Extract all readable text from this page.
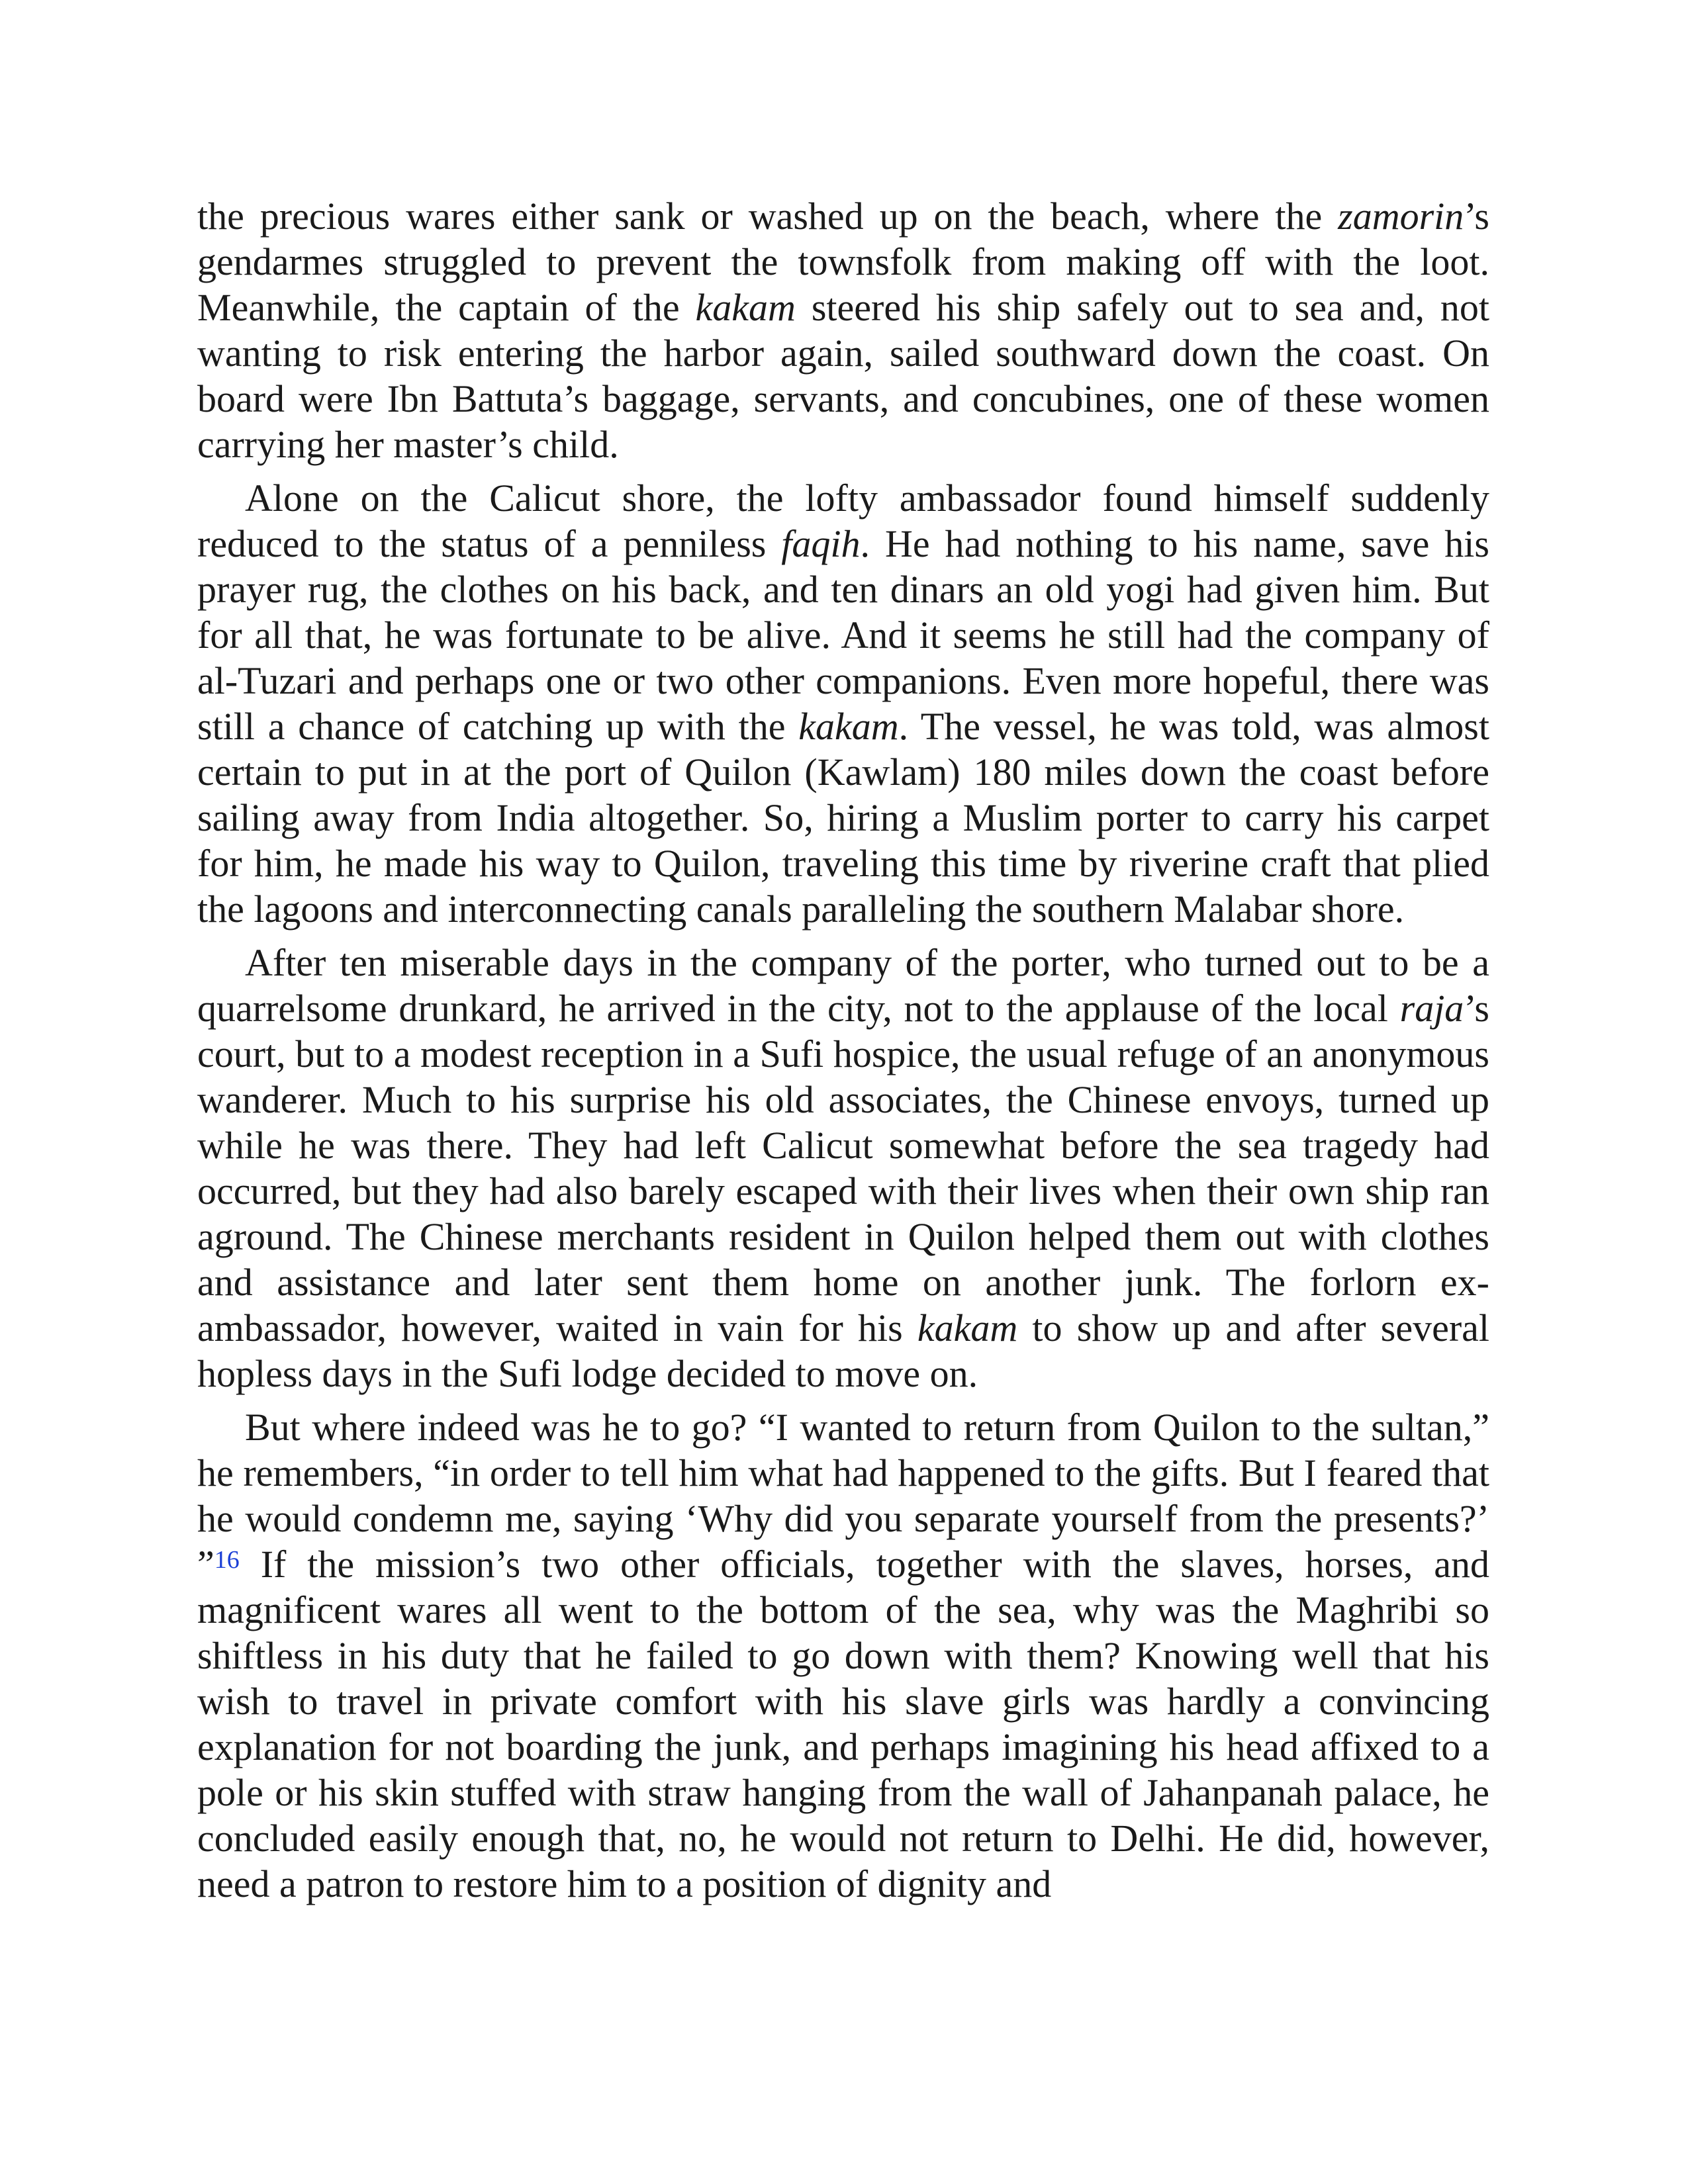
the precious wares either sank or washed up on the beach, where the zamorin’s gendarmes struggled to prevent the townsfolk from making off with the loot. Meanwhile, the captain of the kakam steered his ship safely out to sea and, not wanting to risk entering the harbor again, sailed southward down the coast. On board were Ibn Battuta’s baggage, servants, and concubines, one of these women carrying her master’s child.

Alone on the Calicut shore, the lofty ambassador found himself suddenly reduced to the status of a penniless faqih. He had nothing to his name, save his prayer rug, the clothes on his back, and ten dinars an old yogi had given him. But for all that, he was fortunate to be alive. And it seems he still had the company of al-Tuzari and perhaps one or two other companions. Even more hopeful, there was still a chance of catching up with the kakam. The vessel, he was told, was almost certain to put in at the port of Quilon (Kawlam) 180 miles down the coast before sailing away from India altogether. So, hiring a Muslim porter to carry his carpet for him, he made his way to Quilon, traveling this time by riverine craft that plied the lagoons and interconnecting canals paralleling the southern Malabar shore.

After ten miserable days in the company of the porter, who turned out to be a quarrelsome drunkard, he arrived in the city, not to the applause of the local raja’s court, but to a modest reception in a Sufi hospice, the usual refuge of an anonymous wanderer. Much to his surprise his old associates, the Chinese envoys, turned up while he was there. They had left Calicut somewhat before the sea tragedy had occurred, but they had also barely escaped with their lives when their own ship ran aground. The Chinese merchants resident in Quilon helped them out with clothes and assistance and later sent them home on another junk. The forlorn ex-ambassador, however, waited in vain for his kakam to show up and after several hopless days in the Sufi lodge decided to move on.

But where indeed was he to go? “I wanted to return from Quilon to the sultan,” he remembers, “in order to tell him what had happened to the gifts. But I feared that he would condemn me, saying ‘Why did you separate yourself from the presents?’ ”$^{16}$ If the mission’s two other officials, together with the slaves, horses, and magnificent wares all went to the bottom of the sea, why was the Maghribi so shiftless in his duty that he failed to go down with them? Knowing well that his wish to travel in private comfort with his slave girls was hardly a convincing explanation for not boarding the junk, and perhaps imagining his head affixed to a pole or his skin stuffed with straw hanging from the wall of Jahanpanah palace, he concluded easily enough that, no, he would not return to Delhi. He did, however, need a patron to restore him to a position of dignity and
